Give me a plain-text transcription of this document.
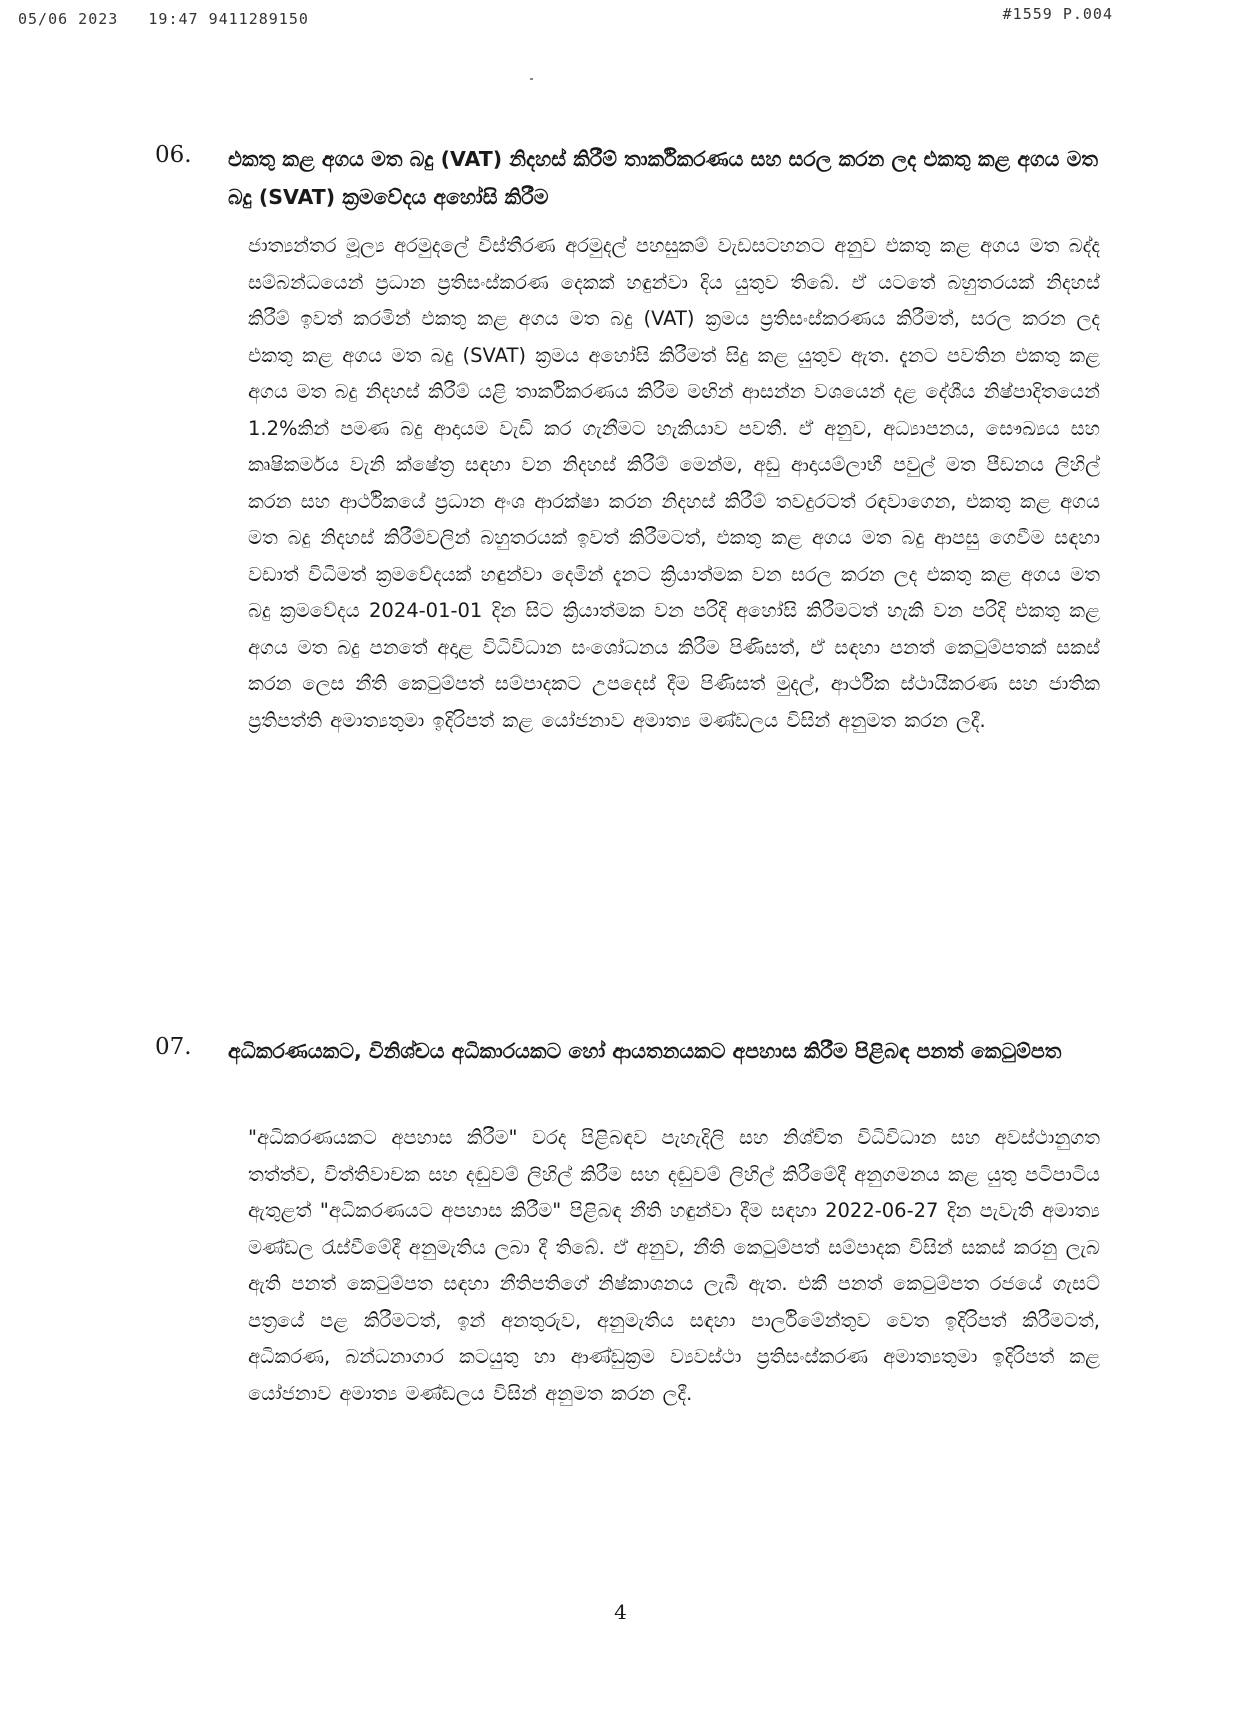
05/06 2023   19:47 9411289150	#1559 P.004
06. එකතු කළ අගය මත බදු (VAT) නිදහස් කිරීම් තාර්කිකරණය සහ සරල කරන ලද එකතු කළ අගය මත බදු (SVAT) ක්‍රමවේදය අහෝසි කිරීම
ජාත්‍යන්තර මූල්‍ය අරමුදලේ විස්තීරණ අරමුදල් පහසුකම් වැඩසටහනට අනුව එකතු කළ අගය මත බද්ද සම්බන්ධයෙන් ප්‍රධාන ප්‍රතිසංස්කරණ දෙකක් හඳුන්වා දිය යුතුව තිබේ. ඒ යටතේ බහුතරයක් නිදහස් කිරීම් ඉවත් කරමින් එකතු කළ අගය මත බදු (VAT) ක්‍රමය ප්‍රතිසංස්කරණය කිරීමත්, සරල කරන ලද එකතු කළ අගය මත බදු (SVAT) ක්‍රමය අහෝසි කිරීමත් සිදු කළ යුතුව ඇත. දැනට පවතින එකතු කළ අගය මත බදු නිදහස් කිරීම් යළි තාර්කිකරණය කිරීම මඟින් ආසන්න වශයෙන් දළ දේශීය නිෂ්පාදිතයෙන් 1.2%කින් පමණ බදු ආදායම වැඩි කර ගැනීමට හැකියාව පවතී. ඒ අනුව, අධ්‍යාපනය, සෞඛ්‍යය සහ කෘෂිකර්මය වැනි ක්ෂේත්‍ර සඳහා වන නිදහස් කිරීම් මෙන්ම, අඩු ආදායම්ලාභී පවුල් මත පීඩනය ලිහිල් කරන සහ ආර්ථිකයේ ප්‍රධාන අංශ ආරක්ෂා කරන නිදහස් කිරීම් තවදුරටත් රඳවාගෙන, එකතු කළ අගය මත බදු නිදහස් කිරීම්වලින් බහුතරයක් ඉවත් කිරීමටත්, එකතු කළ අගය මත බදු ආපසු ගෙවීම සඳහා වඩාත් විධිමත් ක්‍රමවේදයක් හඳුන්වා දෙමින් දැනට ක්‍රියාත්මක වන සරල කරන ලද එකතු කළ අගය මත බදු ක්‍රමවේදය 2024-01-01 දින සිට ක්‍රියාත්මක වන පරිදි අහෝසි කිරීමටත් හැකි වන පරිදි එකතු කළ අගය මත බදු පනතේ අදාළ විධිවිධාන සංශෝධනය කිරීම පිණිසත්, ඒ සඳහා පනත් කෙටුම්පතක් සකස් කරන ලෙස නීති කෙටුම්පත් සම්පාදකට උපදෙස් දීම පිණිසත් මුදල්, ආර්ථික ස්ථායීකරණ සහ ජාතික ප්‍රතිපත්ති අමාත්‍යතුමා ඉදිරිපත් කළ යෝජනාව අමාත්‍ය මණ්ඩලය විසින් අනුමත කරන ලදී.
07. අධිකරණයකට, විනිශ්චය අධිකාරයකට හෝ ආයතනයකට අපහාස කිරීම පිළිබඳ පනත් කෙටුම්පත
"අධිකරණයකට අපහාස කිරීම" වරද පිළිබඳව පැහැදිලි සහ නිශ්චිත විධිවිධාන සහ අවස්ථානුගත තත්ත්ව, විත්තිවාචක සහ දඬුවම් ලිහිල් කිරීම සහ දඬුවම් ලිහිල් කිරීමේදී අනුගමනය කළ යුතු පටිපාටිය ඇතුළත් "අධිකරණයට අපහාස කිරීම" පිළිබඳ නීති හඳුන්වා දීම සඳහා 2022-06-27 දින පැවැති අමාත්‍ය මණ්ඩල රැස්වීමේදී අනුමැතිය ලබා දී තිබේ. ඒ අනුව, නීති කෙටුම්පත් සම්පාදක විසින් සකස් කරනු ලැබ ඇති පනත් කෙටුම්පත සඳහා නීතිපතිගේ නිෂ්කාශනය ලැබී ඇත. එකී පනත් කෙටුම්පත රජයේ ගැසට් පත්‍රයේ පළ කිරීමටත්, ඉන් අනතුරුව, අනුමැතිය සඳහා පාර්ලිමේන්තුව වෙත ඉදිරිපත් කිරීමටත්, අධිකරණ, බන්ධනාගාර කටයුතු හා ආණ්ඩුක්‍රම ව්‍යවස්ථා ප්‍රතිසංස්කරණ අමාත්‍යතුමා ඉදිරිපත් කළ යෝජනාව අමාත්‍ය මණ්ඩලය විසින් අනුමත කරන ලදී.
4
